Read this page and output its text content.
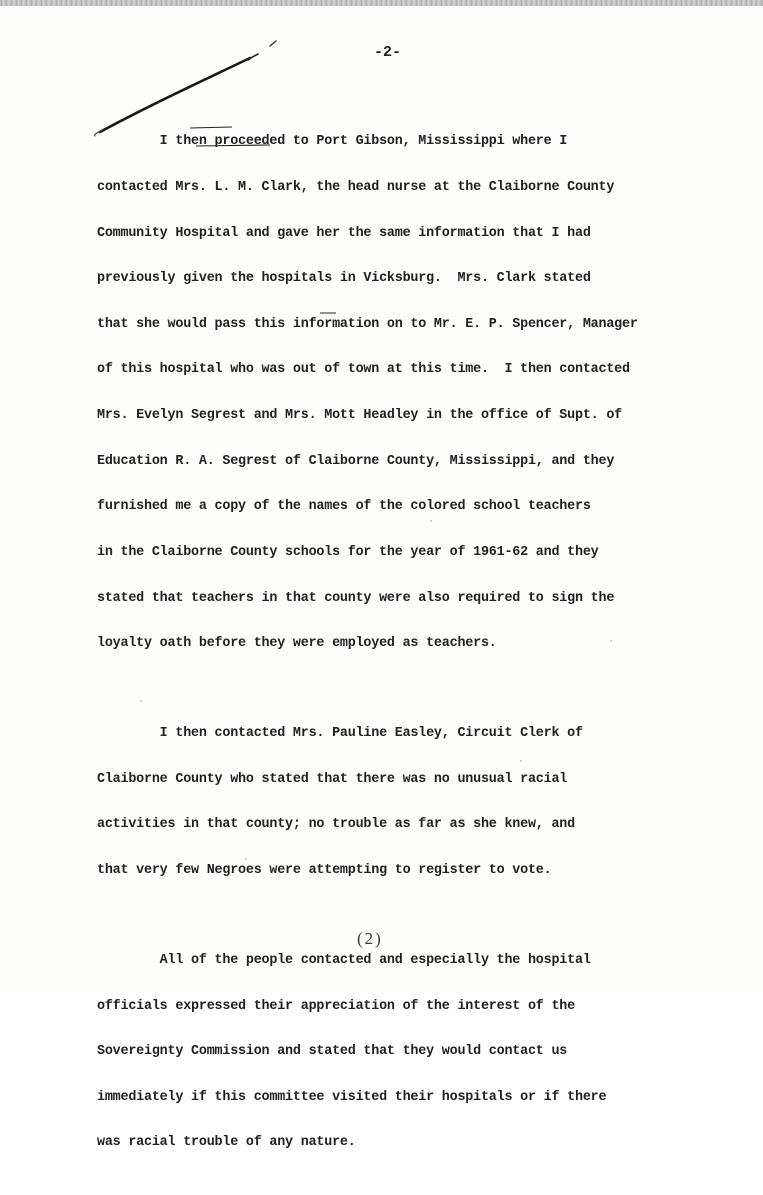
-2-

I then proceeded to Port Gibson, Mississippi where I

contacted Mrs. L. M. Clark, the head nurse at the Claiborne County

Community Hospital and gave her the same information that I had

previously given the hospitals in Vicksburg.  Mrs. Clark stated

that she would pass this information on to Mr. E. P. Spencer, Manager

of this hospital who was out of town at this time.  I then contacted

Mrs. Evelyn Segrest and Mrs. Mott Headley in the office of Supt. of

Education R. A. Segrest of Claiborne County, Mississippi, and they

furnished me a copy of the names of the colored school teachers

in the Claiborne County schools for the year of 1961-62 and they

stated that teachers in that county were also required to sign the

loyalty oath before they were employed as teachers.

I then contacted Mrs. Pauline Easley, Circuit Clerk of

Claiborne County who stated that there was no unusual racial

activities in that county; no trouble as far as she knew, and

that very few Negroes were attempting to register to vote.

All of the people contacted and especially the hospital

officials expressed their appreciation of the interest of the

Sovereignty Commission and stated that they would contact us

immediately if this committee visited their hospitals or if there

was racial trouble of any nature.

(2)
